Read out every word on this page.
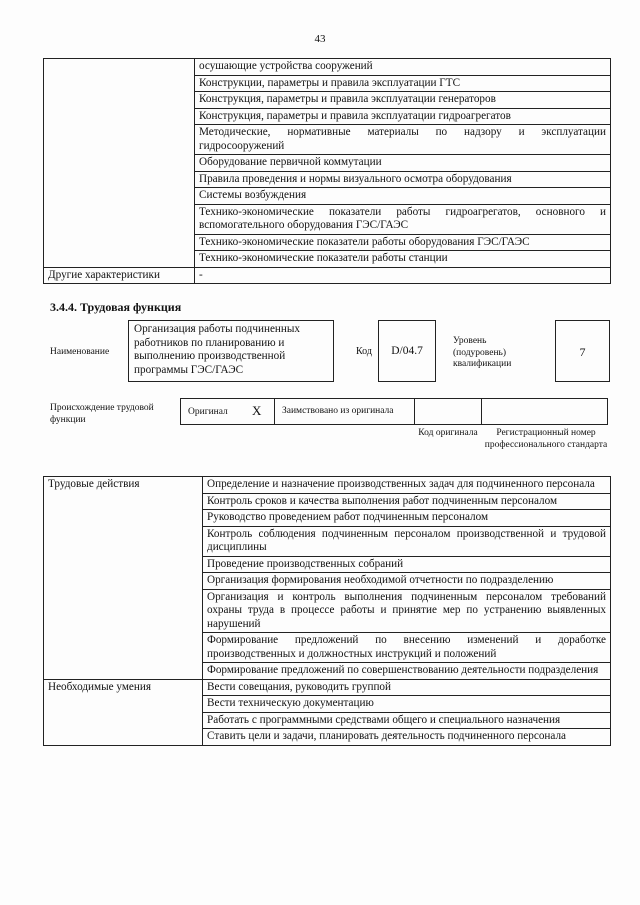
43
	осушающие устройства сооружений
	Конструкции, параметры и правила эксплуатации ГТС
	Конструкция, параметры и правила эксплуатации генераторов
	Конструкция, параметры и правила эксплуатации гидроагрегатов
	Методические, нормативные материалы по надзору и эксплуатации гидросооружений
	Оборудование первичной коммутации
	Правила проведения и нормы визуального осмотра оборудования
	Системы возбуждения
	Технико-экономические показатели работы гидроагрегатов, основного и вспомогательного оборудования ГЭС/ГАЭС
	Технико-экономические показатели работы оборудования ГЭС/ГАЭС
	Технико-экономические показатели работы станции
Другие характеристики	-
3.4.4. Трудовая функция
Наименование
Организация работы подчиненных работников по планированию и выполнению производственной программы ГЭС/ГАЭС
Код	D/04.7
Уровень (подуровень) квалификации
7
Происхождение трудовой функции
Оригинал X Заимствовано из оригинала
Код оригинала	Регистрационный номер профессионального стандарта
Трудовые действия	Определение и назначение производственных задач для подчиненного персонала
	Контроль сроков и качества выполнения работ подчиненным персоналом
	Руководство проведением работ подчиненным персоналом
	Контроль соблюдения подчиненным персоналом производственной и трудовой дисциплины
	Проведение производственных собраний
	Организация формирования необходимой отчетности по подразделению
	Организация и контроль выполнения подчиненным персоналом требований охраны труда в процессе работы и принятие мер по устранению выявленных нарушений
	Формирование предложений по внесению изменений и доработке производственных и должностных инструкций и положений
	Формирование предложений по совершенствованию деятельности подразделения
Необходимые умения	Вести совещания, руководить группой
	Вести техническую документацию
	Работать с программными средствами общего и специального назначения
	Ставить цели и задачи, планировать деятельность подчиненного персонала
